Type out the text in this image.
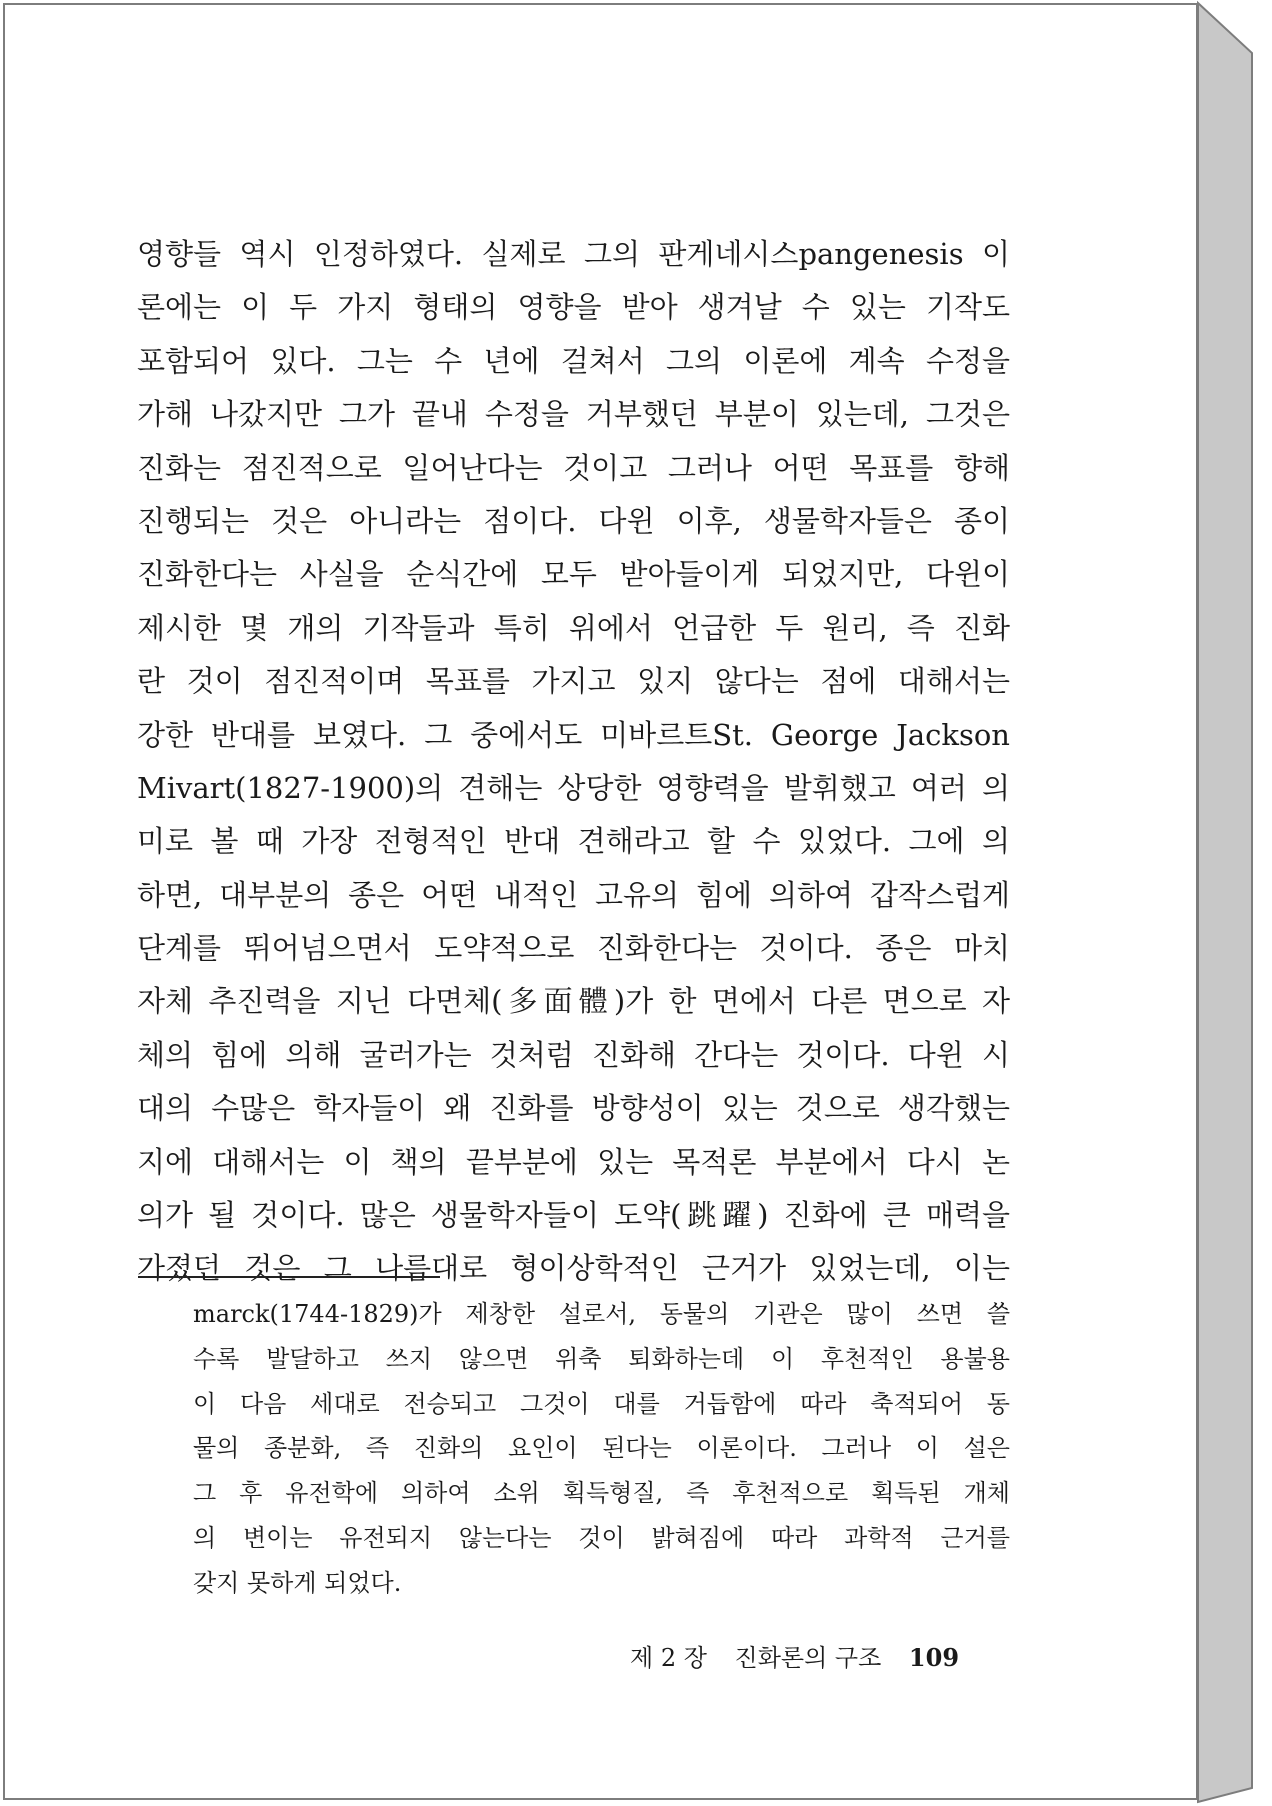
영향들 역시 인정하였다. 실제로 그의 판게네시스pangenesis 이
론에는 이 두 가지 형태의 영향을 받아 생겨날 수 있는 기작도
포함되어 있다. 그는 수 년에 걸쳐서 그의 이론에 계속 수정을
가해 나갔지만 그가 끝내 수정을 거부했던 부분이 있는데, 그것은
진화는 점진적으로 일어난다는 것이고 그러나 어떤 목표를 향해
진행되는 것은 아니라는 점이다. 다윈 이후, 생물학자들은 종이
진화한다는 사실을 순식간에 모두 받아들이게 되었지만, 다윈이
제시한 몇 개의 기작들과 특히 위에서 언급한 두 원리, 즉 진화
란 것이 점진적이며 목표를 가지고 있지 않다는 점에 대해서는
강한 반대를 보였다. 그 중에서도 미바르트St. George Jackson
Mivart(1827-1900)의 견해는 상당한 영향력을 발휘했고 여러 의
미로 볼 때 가장 전형적인 반대 견해라고 할 수 있었다. 그에 의
하면, 대부분의 종은 어떤 내적인 고유의 힘에 의하여 갑작스럽게
단계를 뛰어넘으면서 도약적으로 진화한다는 것이다. 종은 마치
자체 추진력을 지닌 다면체(多面體)가 한 면에서 다른 면으로 자
체의 힘에 의해 굴러가는 것처럼 진화해 간다는 것이다. 다윈 시
대의 수많은 학자들이 왜 진화를 방향성이 있는 것으로 생각했는
지에 대해서는 이 책의 끝부분에 있는 목적론 부분에서 다시 논
의가 될 것이다. 많은 생물학자들이 도약(跳躍) 진화에 큰 매력을
가졌던 것은 그 나름대로 형이상학적인 근거가 있었는데, 이는
marck(1744-1829)가 제창한 설로서, 동물의 기관은 많이 쓰면 쓸
수록 발달하고 쓰지 않으면 위축 퇴화하는데 이 후천적인 용불용
이 다음 세대로 전승되고 그것이 대를 거듭함에 따라 축적되어 동
물의 종분화, 즉 진화의 요인이 된다는 이론이다. 그러나 이 설은
그 후 유전학에 의하여 소위 획득형질, 즉 후천적으로 획득된 개체
의 변이는 유전되지 않는다는 것이 밝혀짐에 따라 과학적 근거를
갖지 못하게 되었다.
제 2 장 진화론의 구조 109
